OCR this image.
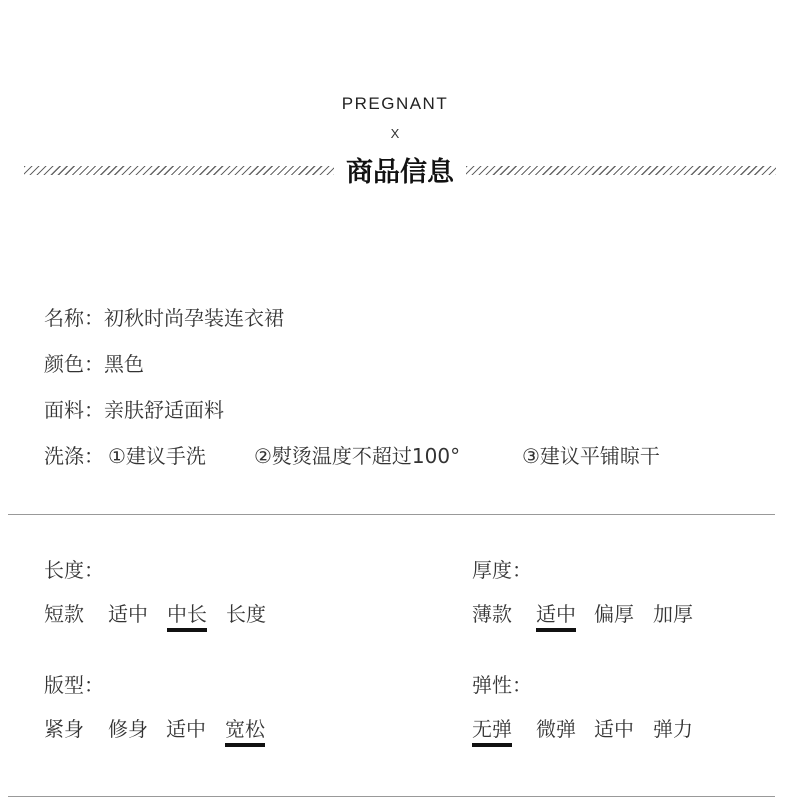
PREGNANT
X
商品信息
名称：初秋时尚孕装连衣裙
颜色：黑色
面料：亲肤舒适面料
洗涤： ①建议手洗 ②熨烫温度不超过100°	③建议平铺晾干
长度：
短款 适中 中长 长度
厚度：
薄款 适中 偏厚 加厚
版型：
紧身 修身 适中 宽松
弹性：
无弹 微弹 适中 弹力
